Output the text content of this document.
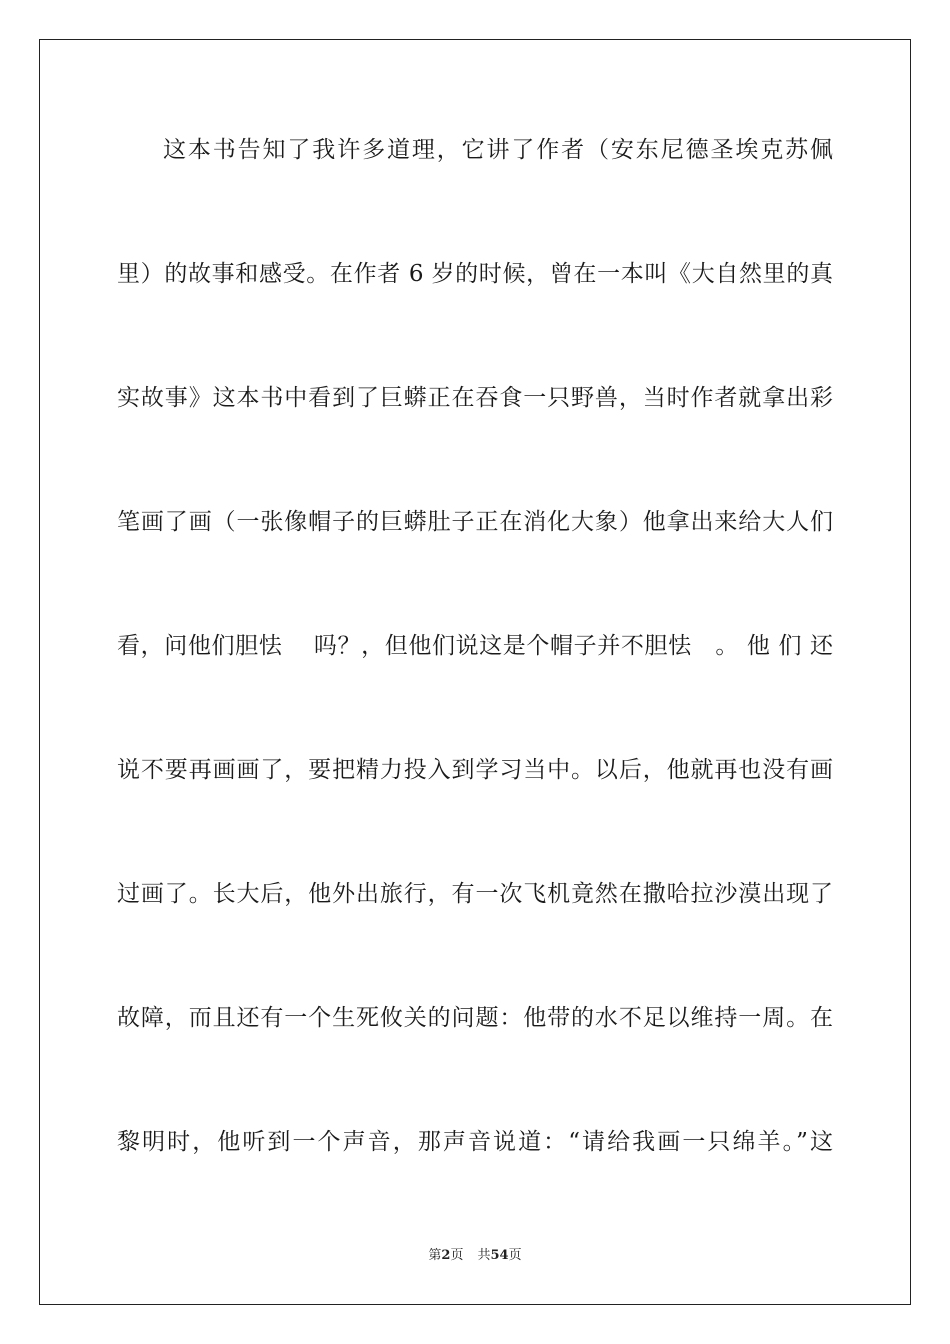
这本书告知了我许多道理，它讲了作者（安东尼德圣埃克苏佩
里）的故事和感受。在作者 6 岁的时候，曾在一本叫《大自然里的真
实故事》这本书中看到了巨蟒正在吞食一只野兽，当时作者就拿出彩
笔画了画（一张像帽子的巨蟒肚子正在消化大象）他拿出来给大人们
看，问他们胆怯　 吗？，但他们说这是个帽子并不胆怯　。 他 们 还
说不要再画画了，要把精力投入到学习当中。以后，他就再也没有画
过画了。长大后，他外出旅行，有一次飞机竟然在撒哈拉沙漠出现了
故障，而且还有一个生死攸关的问题：他带的水不足以维持一周。在
黎明时，他听到一个声音，那声音说道：“请给我画一只绵羊。”这
第2页 共54页
